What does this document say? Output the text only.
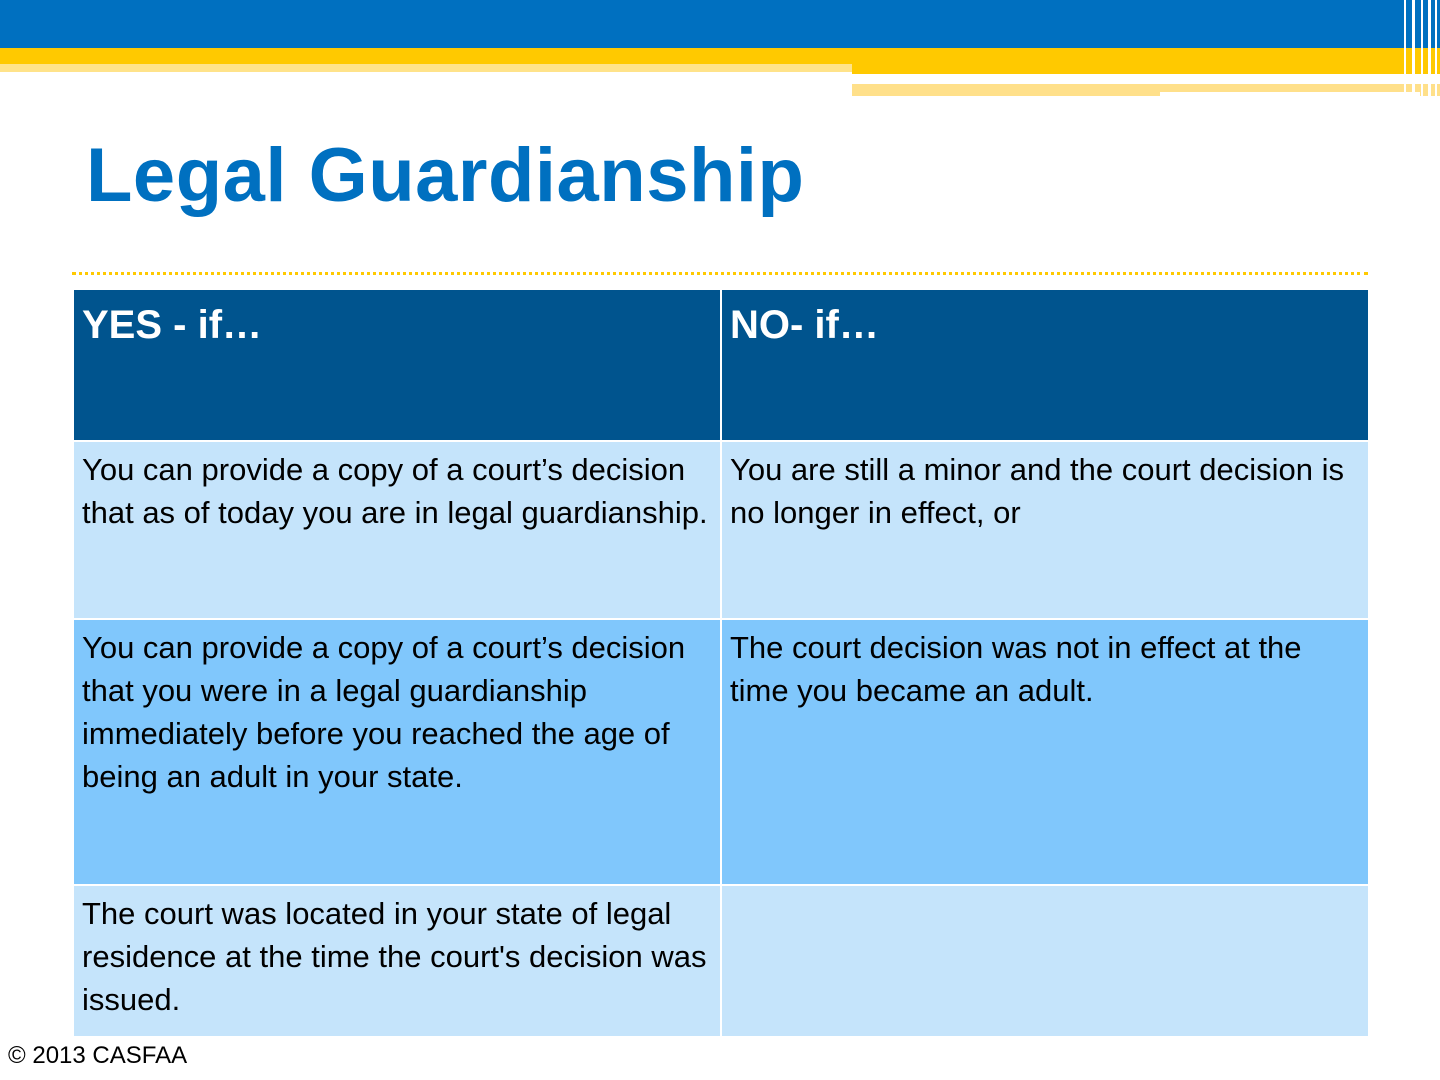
Legal Guardianship
YES - if…	NO- if…
You can provide a copy of a court’s decision that as of today you are in legal guardianship.	You are still a minor and the court decision is no longer in effect, or
You can provide a copy of a court’s decision that you were in a legal guardianship immediately before you reached the age of being an adult in your state.	The court decision was not in effect at the time you became an adult.
The court was located in your state of legal residence at the time the court's decision was issued.	

© 2013 CASFAA
